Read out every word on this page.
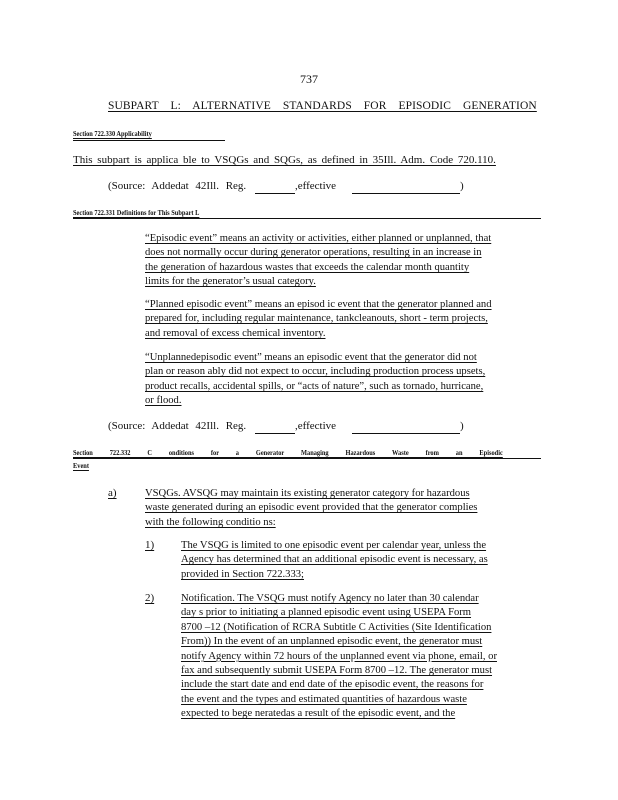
737
SUBPART L: ALTERNATIVE STANDARDS FOR EPISODIC GENERATION
Section 722.330 Applicability
This subpart is applica ble to VSQGs and SQGs, as defined in 35Ill. Adm. Code 720.110.
(Source: Addedat 42Ill. Reg.	,effective	)
Section 722.331 Definitions for This Subpart L
“Episodic event” means an activity or activities, either planned or unplanned, that
does not normally occur during generator operations, resulting in an increase in
the generation of hazardous wastes that exceeds the calendar month quantity
limits for the generator’s usual category.
“Planned episodic event” means an episod ic event that the generator planned and
prepared for, including regular maintenance, tankcleanouts, short - term projects,
and removal of excess chemical inventory.
“Unplannedepisodic event” means an episodic event that the generator did not
plan or reason ably did not expect to occur, including production process upsets,
product recalls, accidental spills, or “acts of nature”, such as tornado, hurricane,
or flood.
(Source: Addedat 42Ill. Reg.	,effective	)
Section 722.332 C onditions for a Generator Managing Hazardous Waste from an Episodic
Event
a)	VSQGs. AVSQG may maintain its existing generator category for hazardous
waste generated during an episodic event provided that the generator complies
with the following conditio ns:
1)	The VSQG is limited to one episodic event per calendar year, unless the
Agency has determined that an additional episodic event is necessary, as
provided in Section 722.333;
2)	Notification. The VSQG must notify Agency no later than 30 calendar
day s prior to initiating a planned episodic event using USEPA Form
8700 –12 (Notification of RCRA Subtitle C Activities (Site Identification
From)) In the event of an unplanned episodic event, the generator must
notify Agency within 72 hours of the unplanned event via phone, email, or
fax and subsequently submit USEPA Form 8700 –12. The generator must
include the start date and end date of the episodic event, the reasons for
the event and the types and estimated quantities of hazardous waste
expected to bege neratedas a result of the episodic event, and the
